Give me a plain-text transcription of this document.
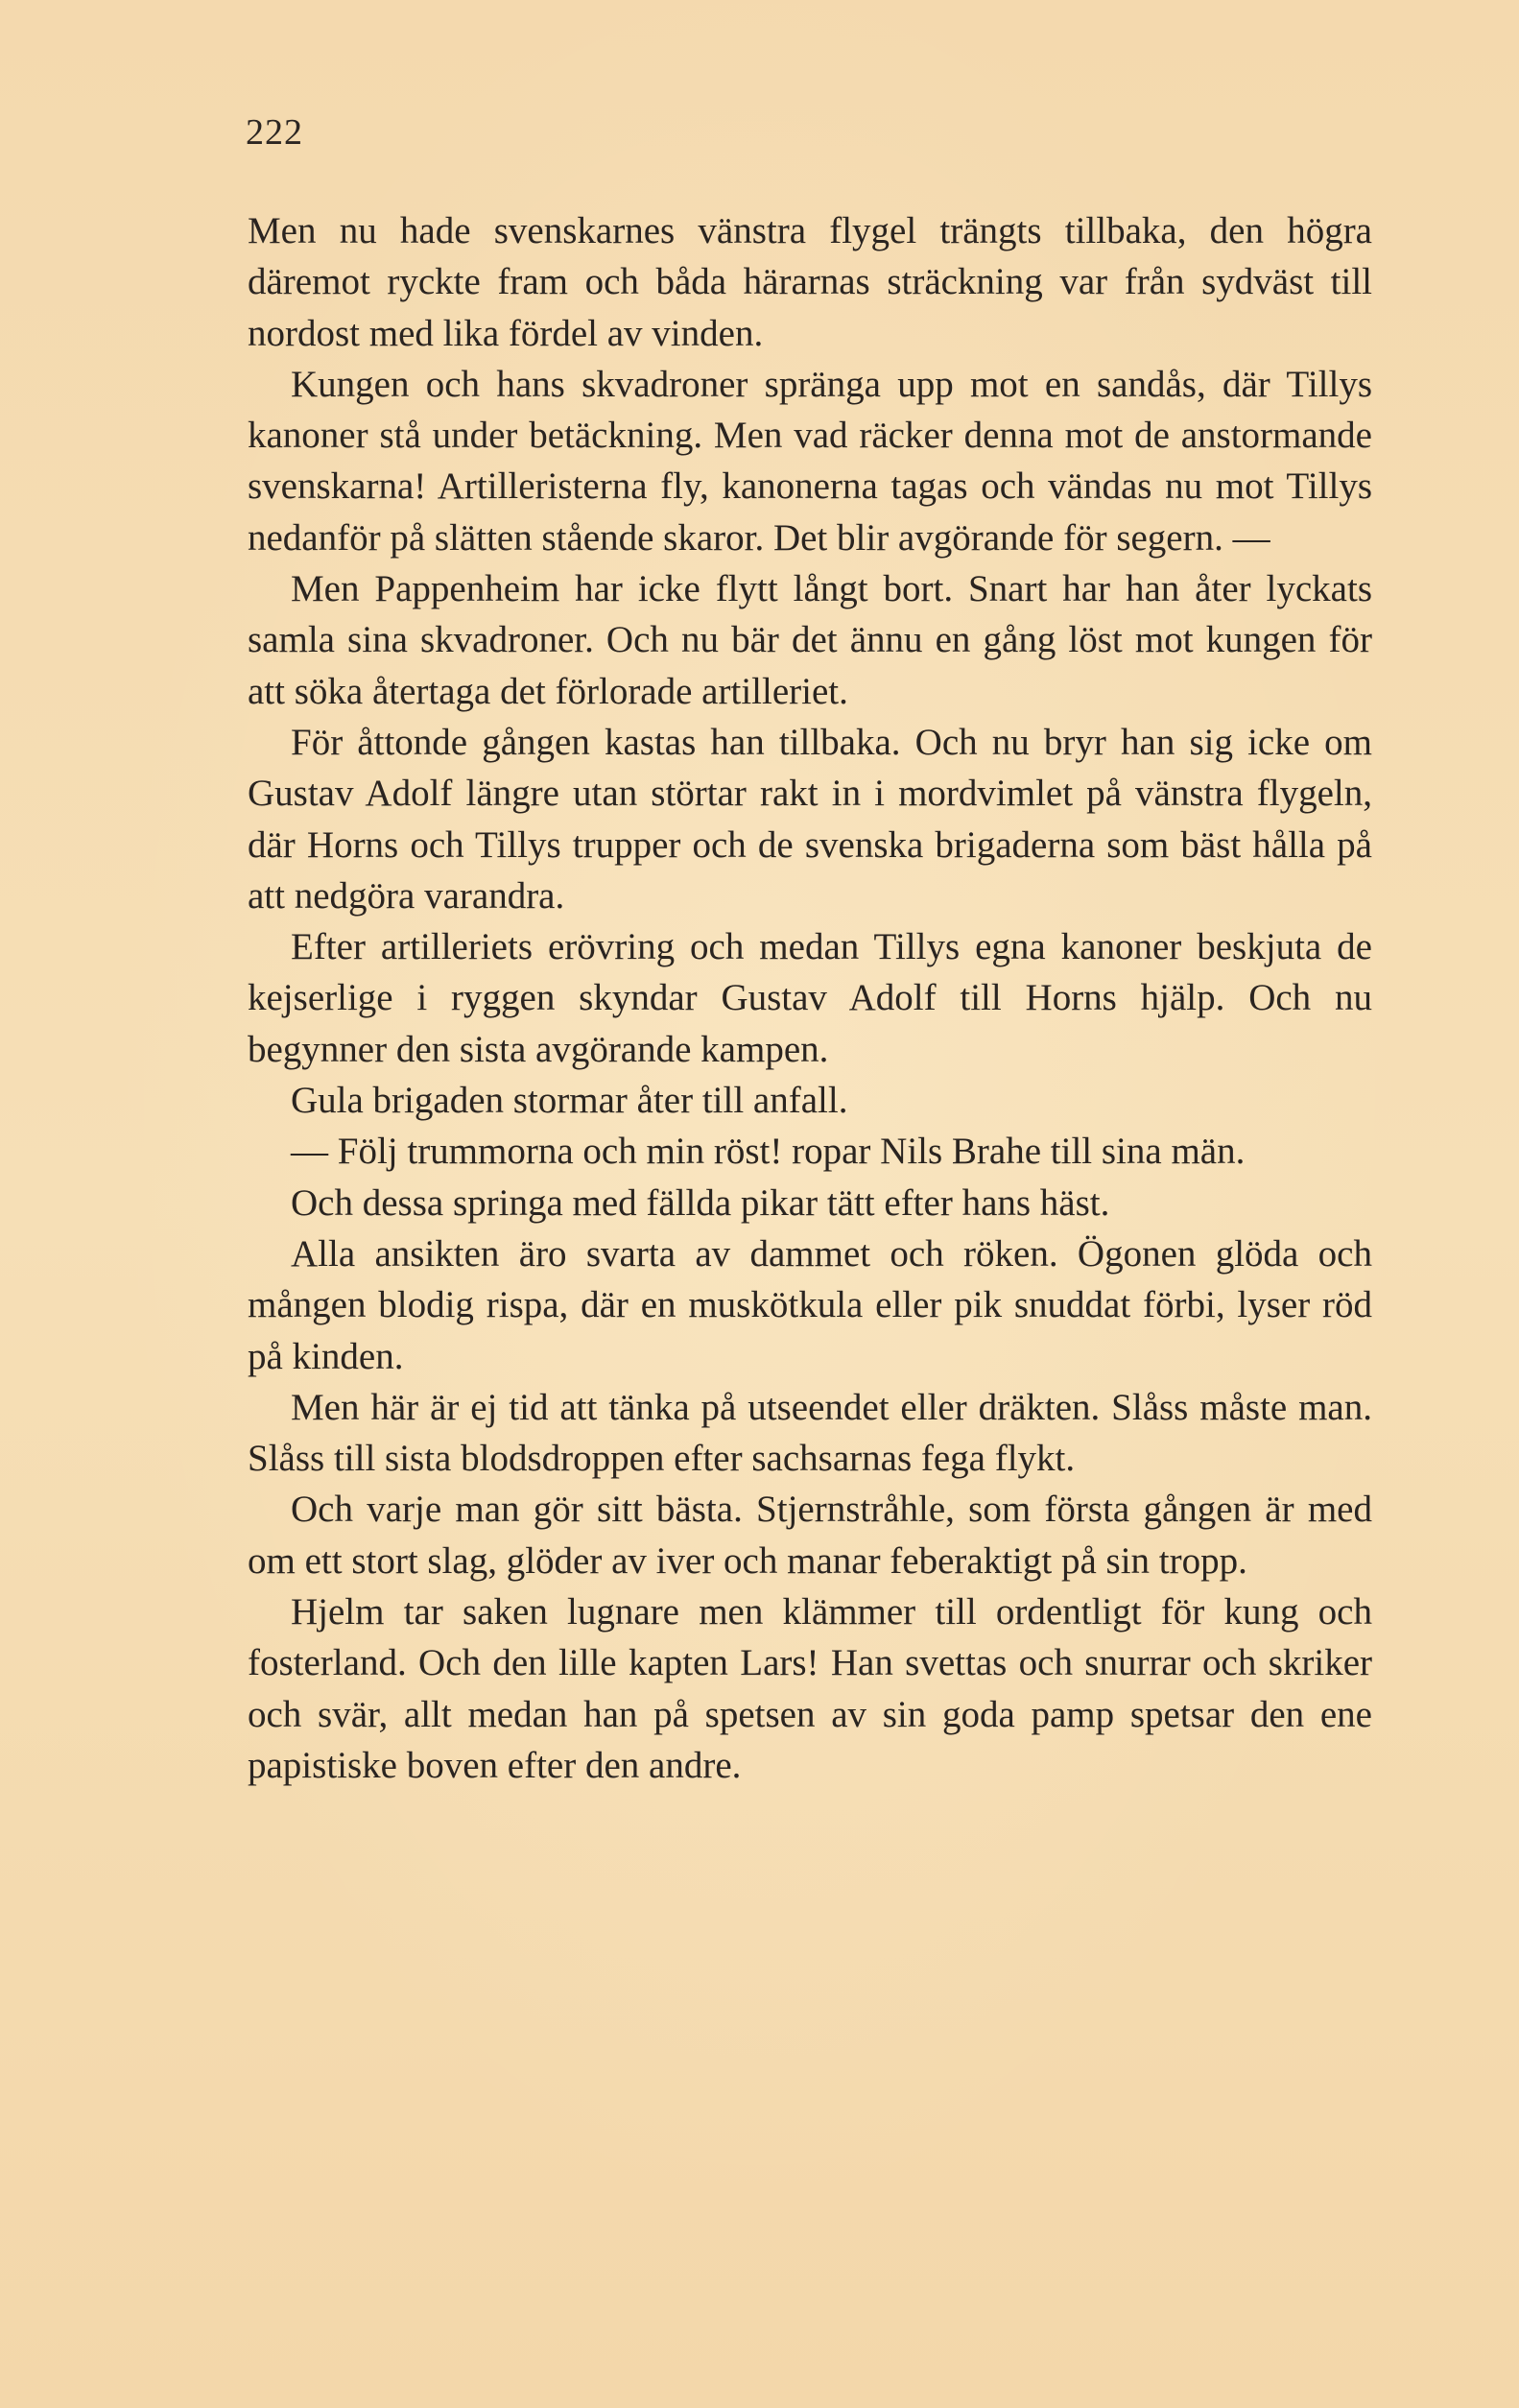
222

Men nu hade svenskarnes vänstra flygel trängts tillbaka, den högra däremot ryckte fram och båda härarnas sträckning var från sydväst till nordost med lika fördel av vinden.

Kungen och hans skvadroner spränga upp mot en sandås, där Tillys kanoner stå under betäckning. Men vad räcker denna mot de anstormande svenskarna! Artilleristerna fly, kanonerna tagas och vändas nu mot Tillys nedanför på slätten stående skaror. Det blir avgörande för segern. —

Men Pappenheim har icke flytt långt bort. Snart har han åter lyckats samla sina skvadroner. Och nu bär det ännu en gång löst mot kungen för att söka återtaga det förlorade artilleriet.

För åttonde gången kastas han tillbaka. Och nu bryr han sig icke om Gustav Adolf längre utan störtar rakt in i mordvimlet på vänstra flygeln, där Horns och Tillys trupper och de svenska brigaderna som bäst hålla på att nedgöra varandra.

Efter artilleriets erövring och medan Tillys egna kanoner beskjuta de kejserlige i ryggen skyndar Gustav Adolf till Horns hjälp. Och nu begynner den sista avgörande kampen.

Gula brigaden stormar åter till anfall.

— Följ trummorna och min röst! ropar Nils Brahe till sina män.

Och dessa springa med fällda pikar tätt efter hans häst.

Alla ansikten äro svarta av dammet och röken. Ögonen glöda och mången blodig rispa, där en muskötkula eller pik snuddat förbi, lyser röd på kinden.

Men här är ej tid att tänka på utseendet eller dräkten. Slåss måste man. Slåss till sista blodsdroppen efter sachsarnas fega flykt.

Och varje man gör sitt bästa. Stjernstråhle, som första gången är med om ett stort slag, glöder av iver och manar feberaktigt på sin tropp.

Hjelm tar saken lugnare men klämmer till ordentligt för kung och fosterland. Och den lille kapten Lars! Han svettas och snurrar och skriker och svär, allt medan han på spetsen av sin goda pamp spetsar den ene papistiske boven efter den andre.
